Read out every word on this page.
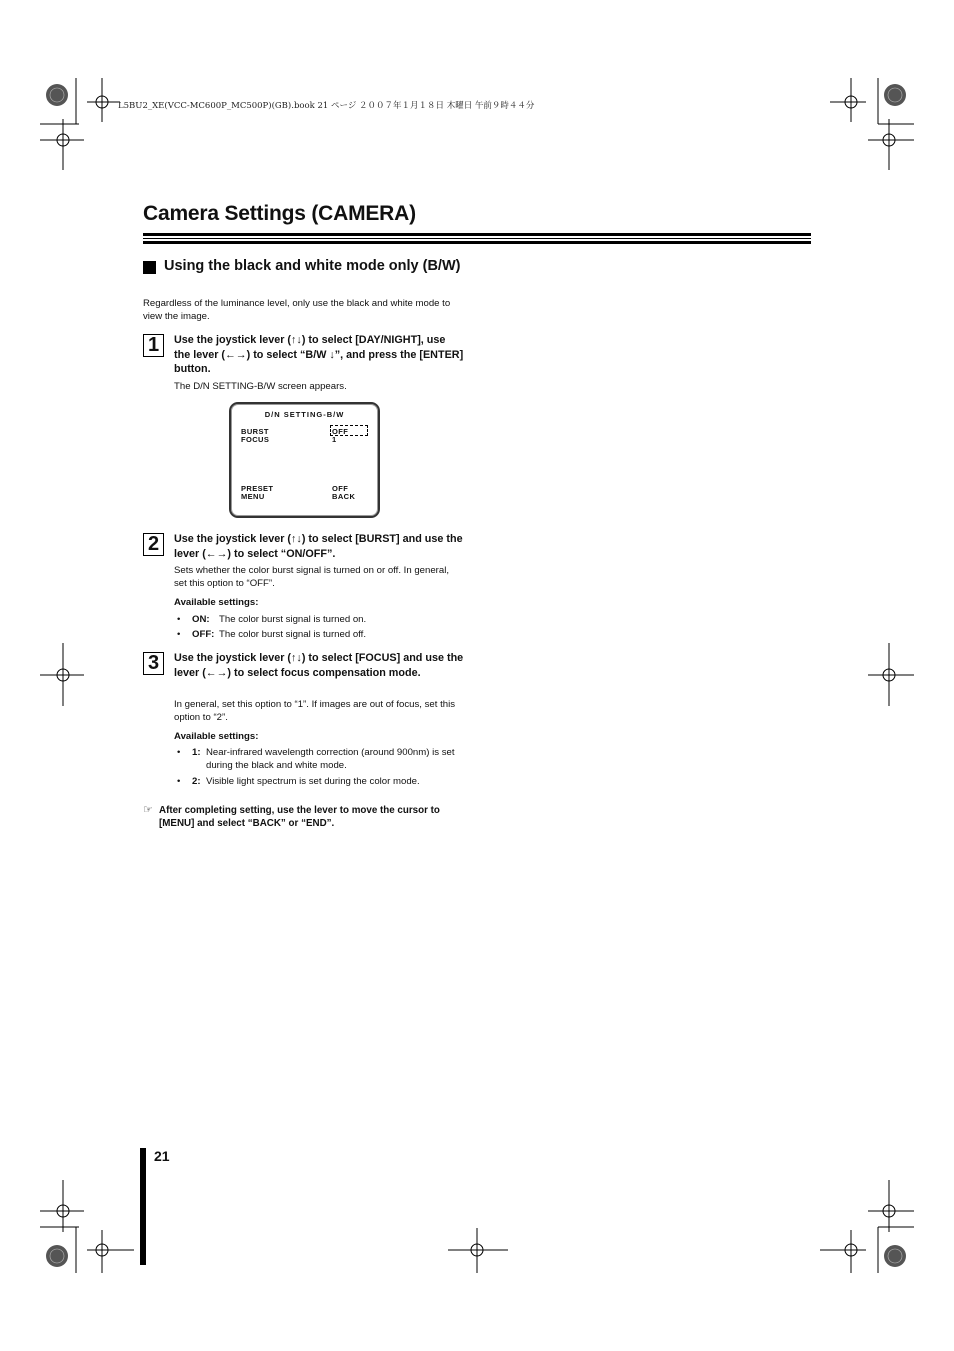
L5BU2_XE(VCC-MC600P_MC500P)(GB).book 21 ページ ２００７年１月１８日 木曜日 午前９時４４分
Camera Settings (CAMERA)
Using the black and white mode only (B/W)
Regardless of the luminance level, only use the black and white mode to view the image.
1	Use the joystick lever (↑↓) to select [DAY/NIGHT], use the lever (←→) to select “B/W ↓”, and press the [ENTER] button.
The D/N SETTING-B/W screen appears.
D/N SETTING-B/W
BURST	OFF
FOCUS	1
PRESET	OFF
MENU	BACK
2	Use the joystick lever (↑↓) to select [BURST] and use the lever (←→) to select “ON/OFF”.
Sets whether the color burst signal is turned on or off. In general, set this option to “OFF”.
Available settings:
• ON: The color burst signal is turned on.
• OFF: The color burst signal is turned off.
3	Use the joystick lever (↑↓) to select [FOCUS] and use the lever (←→) to select focus compensation mode.
In general, set this option to “1”. If images are out of focus, set this option to “2”.
Available settings:
• 1: Near-infrared wavelength correction (around 900nm) is set during the black and white mode.
• 2: Visible light spectrum is set during the color mode.
☞ After completing setting, use the lever to move the cursor to [MENU] and select “BACK” or “END”.
21
